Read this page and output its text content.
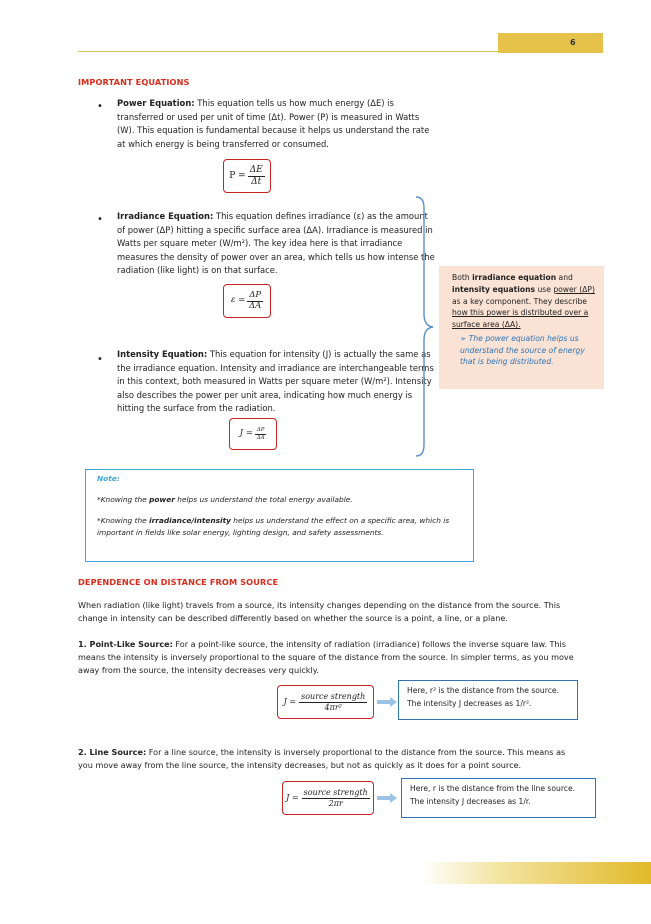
6
IMPORTANT EQUATIONS
• Power Equation: This equation tells us how much energy (ΔE) is transferred or used per unit of time (Δt). Power (P) is measured in Watts (W). This equation is fundamental because it helps us understand the rate at which energy is being transferred or consumed.
$P = \frac{\Delta E}{\Delta t}$
• Irradiance Equation: This equation defines irradiance (ε) as the amount of power (ΔP) hitting a specific surface area (ΔA). Irradiance is measured in Watts per square meter (W/m²). The key idea here is that irradiance measures the density of power over an area, which tells us how intense the radiation (like light) is on that surface.
$\varepsilon = \frac{\Delta P}{\Delta A}$
• Intensity Equation: This equation for intensity (J) is actually the same as the irradiance equation. Intensity and irradiance are interchangeable terms in this context, both measured in Watts per square meter (W/m²). Intensity also describes the power per unit area, indicating how much energy is hitting the surface from the radiation.
$J = \frac{\Delta P}{\Delta A}$
Both irradiance equation and intensity equations use power (ΔP) as a key component. They describe how this power is distributed over a surface area (ΔA).
➢ The power equation helps us understand the source of energy that is being distributed.
Note:
*Knowing the power helps us understand the total energy available.
*Knowing the irradiance/intensity helps us understand the effect on a specific area, which is important in fields like solar energy, lighting design, and safety assessments.
DEPENDENCE ON DISTANCE FROM SOURCE
When radiation (like light) travels from a source, its intensity changes depending on the distance from the source. This change in intensity can be described differently based on whether the source is a point, a line, or a plane.
1. Point-Like Source: For a point-like source, the intensity of radiation (irradiance) follows the inverse square law. This means the intensity is inversely proportional to the square of the distance from the source. In simpler terms, as you move away from the source, the intensity decreases very quickly.
$J = \frac{\text{source strength}}{\text{4πr²}}$
Here, r² is the distance from the source.
The intensity J decreases as 1/r².
2. Line Source: For a line source, the intensity is inversely proportional to the distance from the source. This means as you move away from the line source, the intensity decreases, but not as quickly as it does for a point source.
$J = \frac{\text{source strength}}{2\pi r}$	Here, r is the distance from the line source.
The intensity J decreases as 1/r.
